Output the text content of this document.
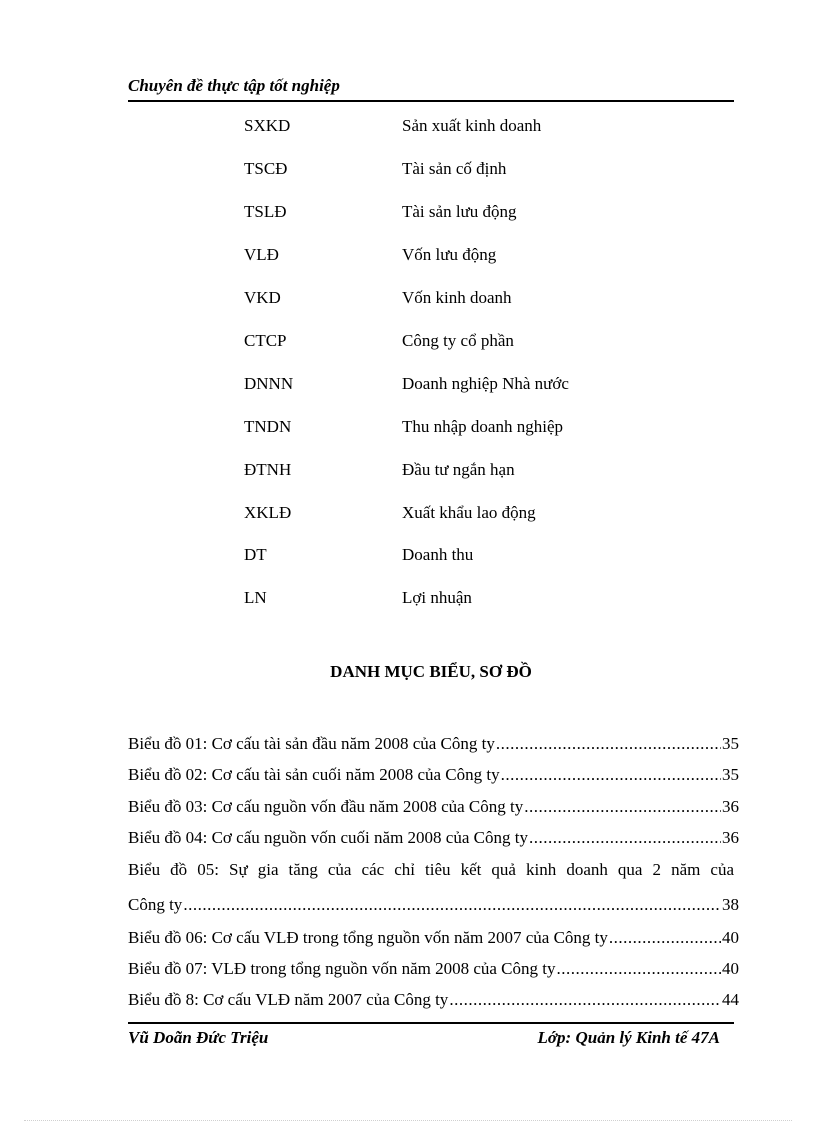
Chuyên đề thực tập tốt nghiệp
SXKD	Sản xuất kinh doanh
TSCĐ	Tài sản cố định
TSLĐ	Tài sản lưu động
VLĐ	Vốn lưu động
VKD	Vốn kinh doanh
CTCP	Công ty cổ phần
DNNN	Doanh nghiệp Nhà nước
TNDN	Thu nhập doanh nghiệp
ĐTNH	Đầu tư ngắn hạn
XKLĐ	Xuất khẩu lao động
DT	Doanh thu
LN	Lợi nhuận
DANH MỤC BIỂU, SƠ ĐỒ
Biểu đồ 01: Cơ cấu tài sản đầu năm 2008 của Công ty .....	35
Biểu đồ 02: Cơ cấu tài sản cuối năm 2008 của Công ty .....	35
Biểu đồ 03: Cơ cấu nguồn vốn đầu năm 2008 của Công ty .....	36
Biểu đồ 04: Cơ cấu nguồn vốn cuối năm 2008 của Công ty .....	36
Biểu đồ 05: Sự gia tăng của các chỉ tiêu kết quả kinh doanh qua 2 năm của
Công ty .....	38
Biểu đồ 06: Cơ cấu VLĐ trong tổng nguồn vốn năm 2007 của Công ty .....	40
Biểu đồ 07: VLĐ trong tổng nguồn vốn năm 2008 của Công ty .....	40
Biểu đồ 8: Cơ cấu VLĐ năm 2007 của Công ty .....	44
Vũ Doãn Đức Triệu	Lớp: Quản lý Kinh tế 47A
